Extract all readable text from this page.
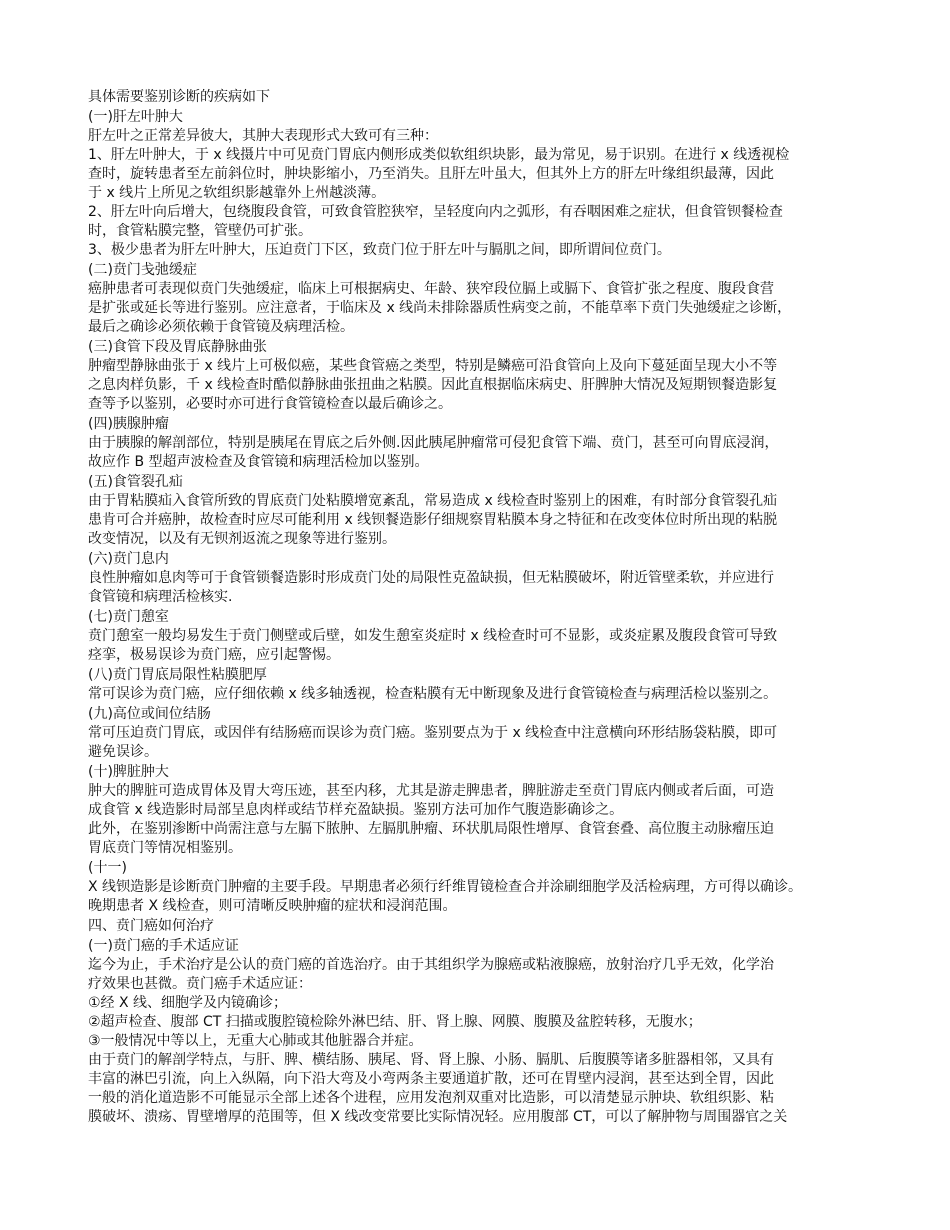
具体需要鉴别诊断的疾病如下
(一)肝左叶肿大
肝左叶之正常差异彼大，其肿大表现形式大致可有三种：
1、肝左叶肿大，于 x 线摄片中可见贲门胃底内侧形成类似软组织块影，最为常见，易于识别。在进行 x 线透视检
查时，旋转患者至左前斜位时，肿块影缩小，乃至消失。且肝左叶虽大，但其外上方的肝左叶缘组织最薄，因此
于 x 线片上所见之软组织影越靠外上州越淡薄。
2、肝左叶向后增大，包绕腹段食管，可致食管腔狭窄，呈轻度向内之弧形，有吞咽困难之症状，但食管钡餐检查
时，食管粘膜完整，管壁仍可扩张。
3、极少患者为肝左叶肿大，压迫贲门下区，致贲门位于肝左叶与膈肌之间，即所谓间位贲门。
(二)贲门戋弛缓症
癌肿患者可表现似贲门失弛缓症，临床上可根据病史、年龄、狭窄段位膈上或膈下、食管扩张之程度、腹段食营
是扩张或延长等进行鉴别。应注意者，于临床及 x 线尚未排除器质性病变之前，不能草率下贲门失弛缓症之诊断，
最后之确诊必须依赖于食管镜及病理活检。
(三)食管下段及胃底静脉曲张
肿瘤型静脉曲张于 x 线片上可极似癌，某些食管癌之类型，特别是鳞癌可沿食管向上及向下蔓延面呈现大小不等
之息肉样负影，千 x 线检查时酷似静脉曲张扭曲之粘膜。因此直根据临床病史、肝脾肿大情况及短期钡餐造影复
查等予以鉴别，必要时亦可进行食管镜检查以最后确诊之。
(四)胰腺肿瘤
由于胰腺的解剖部位，特别是胰尾在胃底之后外侧.因此胰尾肿瘤常可侵犯食管下端、贲门，甚至可向胃底浸润，
故应作 B 型超声波检查及食管镜和病理活检加以鉴别。
(五)食管裂孔疝
由于胃粘膜疝入食管所致的胃底贲门处粘膜增宽紊乱，常易造成 x 线检查时鉴别上的困难，有时部分食管裂孔疝
患肯可合并癌肿，故检查时应尽可能利用 x 线钡餐造影仔细规察胃粘膜本身之特征和在改变体位时所出现的粘脱
改变情况，以及有无钡剂返流之现象等进行鉴别。
(六)贲门息内
良性肿瘤如息肉等可于食管锁餐造影时形成贲门处的局限性克盈缺损，但无粘膜破坏，附近管壁柔软，并应进行
食管镜和病理活检核实.
(七)贲门憩室
贲门憩室一般均易发生于贲门侧壁或后壁，如发生憩室炎症时 x 线检查时可不显影，或炎症累及腹段食管可导致
痉挛，极易误诊为贲门癌，应引起警惕。
(八)贲门胃底局限性粘膜肥厚
常可误诊为贲门癌，应仔细依赖 x 线多轴透视，检查粘膜有无中断现象及进行食管镜检查与病理活检以鉴别之。
(九)高位或间位结肠
常可压迫贲门胃底，或因伴有结肠癌而误诊为贲门癌。鉴别要点为于 x 线检查中注意横向环形结肠袋粘膜，即可
避免误诊。
(十)脾脏肿大
肿大的脾脏可造成胃体及胃大弯压迹，甚至内移，尤其是游走脾患者，脾脏游走至贲门胃底内侧或者后面，可造
成食管 x 线造影时局部呈息肉样或结节样充盈缺损。鉴别方法可加作气腹造影确诊之。
此外，在鉴别渗断中尚需注意与左膈下脓肿、左膈肌肿瘤、环状肌局限性增厚、食管套叠、高位腹主动脉瘤压迫
胃底贲门等情况相鉴别。
(十一)
X 线钡造影是诊断贲门肿瘤的主要手段。早期患者必须行纤维胃镜检查合并涂刷细胞学及活检病理，方可得以确诊。
晚期患者 X 线检查，则可清晰反映肿瘤的症状和浸润范围。
四、贲门癌如何治疗
(一)贲门癌的手术适应证
迄今为止，手术治疗是公认的贲门癌的首选治疗。由于其组织学为腺癌或粘液腺癌，放射治疗几乎无效，化学治
疗效果也甚微。贲门癌手术适应证：
①经 X 线、细胞学及内镜确诊；
②超声检查、腹部 CT 扫描或腹腔镜检除外淋巴结、肝、肾上腺、网膜、腹膜及盆腔转移，无腹水；
③一般情况中等以上，无重大心肺或其他脏器合并症。
由于贲门的解剖学特点，与肝、脾、横结肠、胰尾、肾、肾上腺、小肠、膈肌、后腹膜等诸多脏器相邻，又具有
丰富的淋巴引流，向上入纵隔，向下沿大弯及小弯两条主要通道扩散，还可在胃壁内浸润，甚至达到全胃，因此
一般的消化道造影不可能显示全部上述各个进程，应用发泡剂双重对比造影，可以清楚显示肿块、软组织影、粘
膜破坏、溃疡、胃壁增厚的范围等，但 X 线改变常要比实际情况轻。应用腹部 CT，可以了解肿物与周围器官之关
